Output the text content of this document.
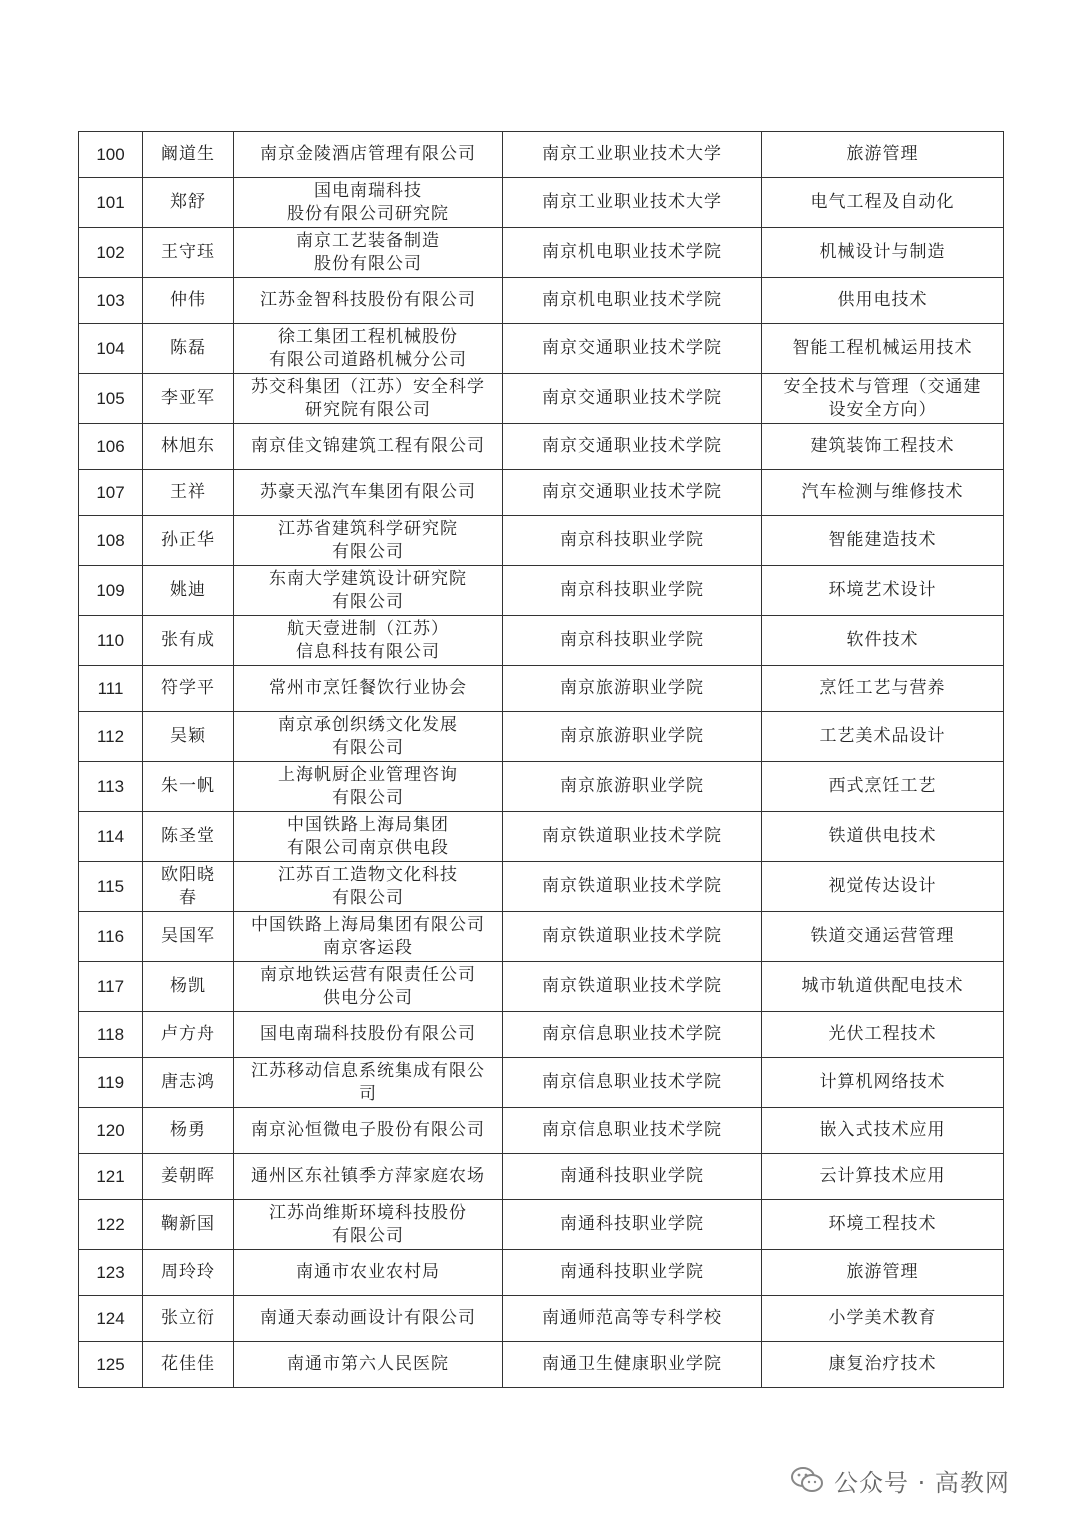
100	阚道生	南京金陵酒店管理有限公司	南京工业职业技术大学	旅游管理
101	郑舒	国电南瑞科技
股份有限公司研究院	南京工业职业技术大学	电气工程及自动化
102	王守珏	南京工艺装备制造
股份有限公司	南京机电职业技术学院	机械设计与制造
103	仲伟	江苏金智科技股份有限公司	南京机电职业技术学院	供用电技术
104	陈磊	徐工集团工程机械股份
有限公司道路机械分公司	南京交通职业技术学院	智能工程机械运用技术
105	李亚军	苏交科集团（江苏）安全科学
研究院有限公司	南京交通职业技术学院	安全技术与管理（交通建
设安全方向）
106	林旭东	南京佳文锦建筑工程有限公司	南京交通职业技术学院	建筑装饰工程技术
107	王祥	苏豪天泓汽车集团有限公司	南京交通职业技术学院	汽车检测与维修技术
108	孙正华	江苏省建筑科学研究院
有限公司	南京科技职业学院	智能建造技术
109	姚迪	东南大学建筑设计研究院
有限公司	南京科技职业学院	环境艺术设计
110	张有成	航天壹进制（江苏）
信息科技有限公司	南京科技职业学院	软件技术
111	符学平	常州市烹饪餐饮行业协会	南京旅游职业学院	烹饪工艺与营养
112	吴颖	南京承创织绣文化发展
有限公司	南京旅游职业学院	工艺美术品设计
113	朱一帆	上海帆厨企业管理咨询
有限公司	南京旅游职业学院	西式烹饪工艺
114	陈圣堂	中国铁路上海局集团
有限公司南京供电段	南京铁道职业技术学院	铁道供电技术
115	欧阳晓
春	江苏百工造物文化科技
有限公司	南京铁道职业技术学院	视觉传达设计
116	吴国军	中国铁路上海局集团有限公司
南京客运段	南京铁道职业技术学院	铁道交通运营管理
117	杨凯	南京地铁运营有限责任公司
供电分公司	南京铁道职业技术学院	城市轨道供配电技术
118	卢方舟	国电南瑞科技股份有限公司	南京信息职业技术学院	光伏工程技术
119	唐志鸿	江苏移动信息系统集成有限公
司	南京信息职业技术学院	计算机网络技术
120	杨勇	南京沁恒微电子股份有限公司	南京信息职业技术学院	嵌入式技术应用
121	姜朝晖	通州区东社镇季方萍家庭农场	南通科技职业学院	云计算技术应用
122	鞠新国	江苏尚维斯环境科技股份
有限公司	南通科技职业学院	环境工程技术
123	周玲玲	南通市农业农村局	南通科技职业学院	旅游管理
124	张立衍	南通天泰动画设计有限公司	南通师范高等专科学校	小学美术教育
125	花佳佳	南通市第六人民医院	南通卫生健康职业学院	康复治疗技术
公众号 · 高教网
